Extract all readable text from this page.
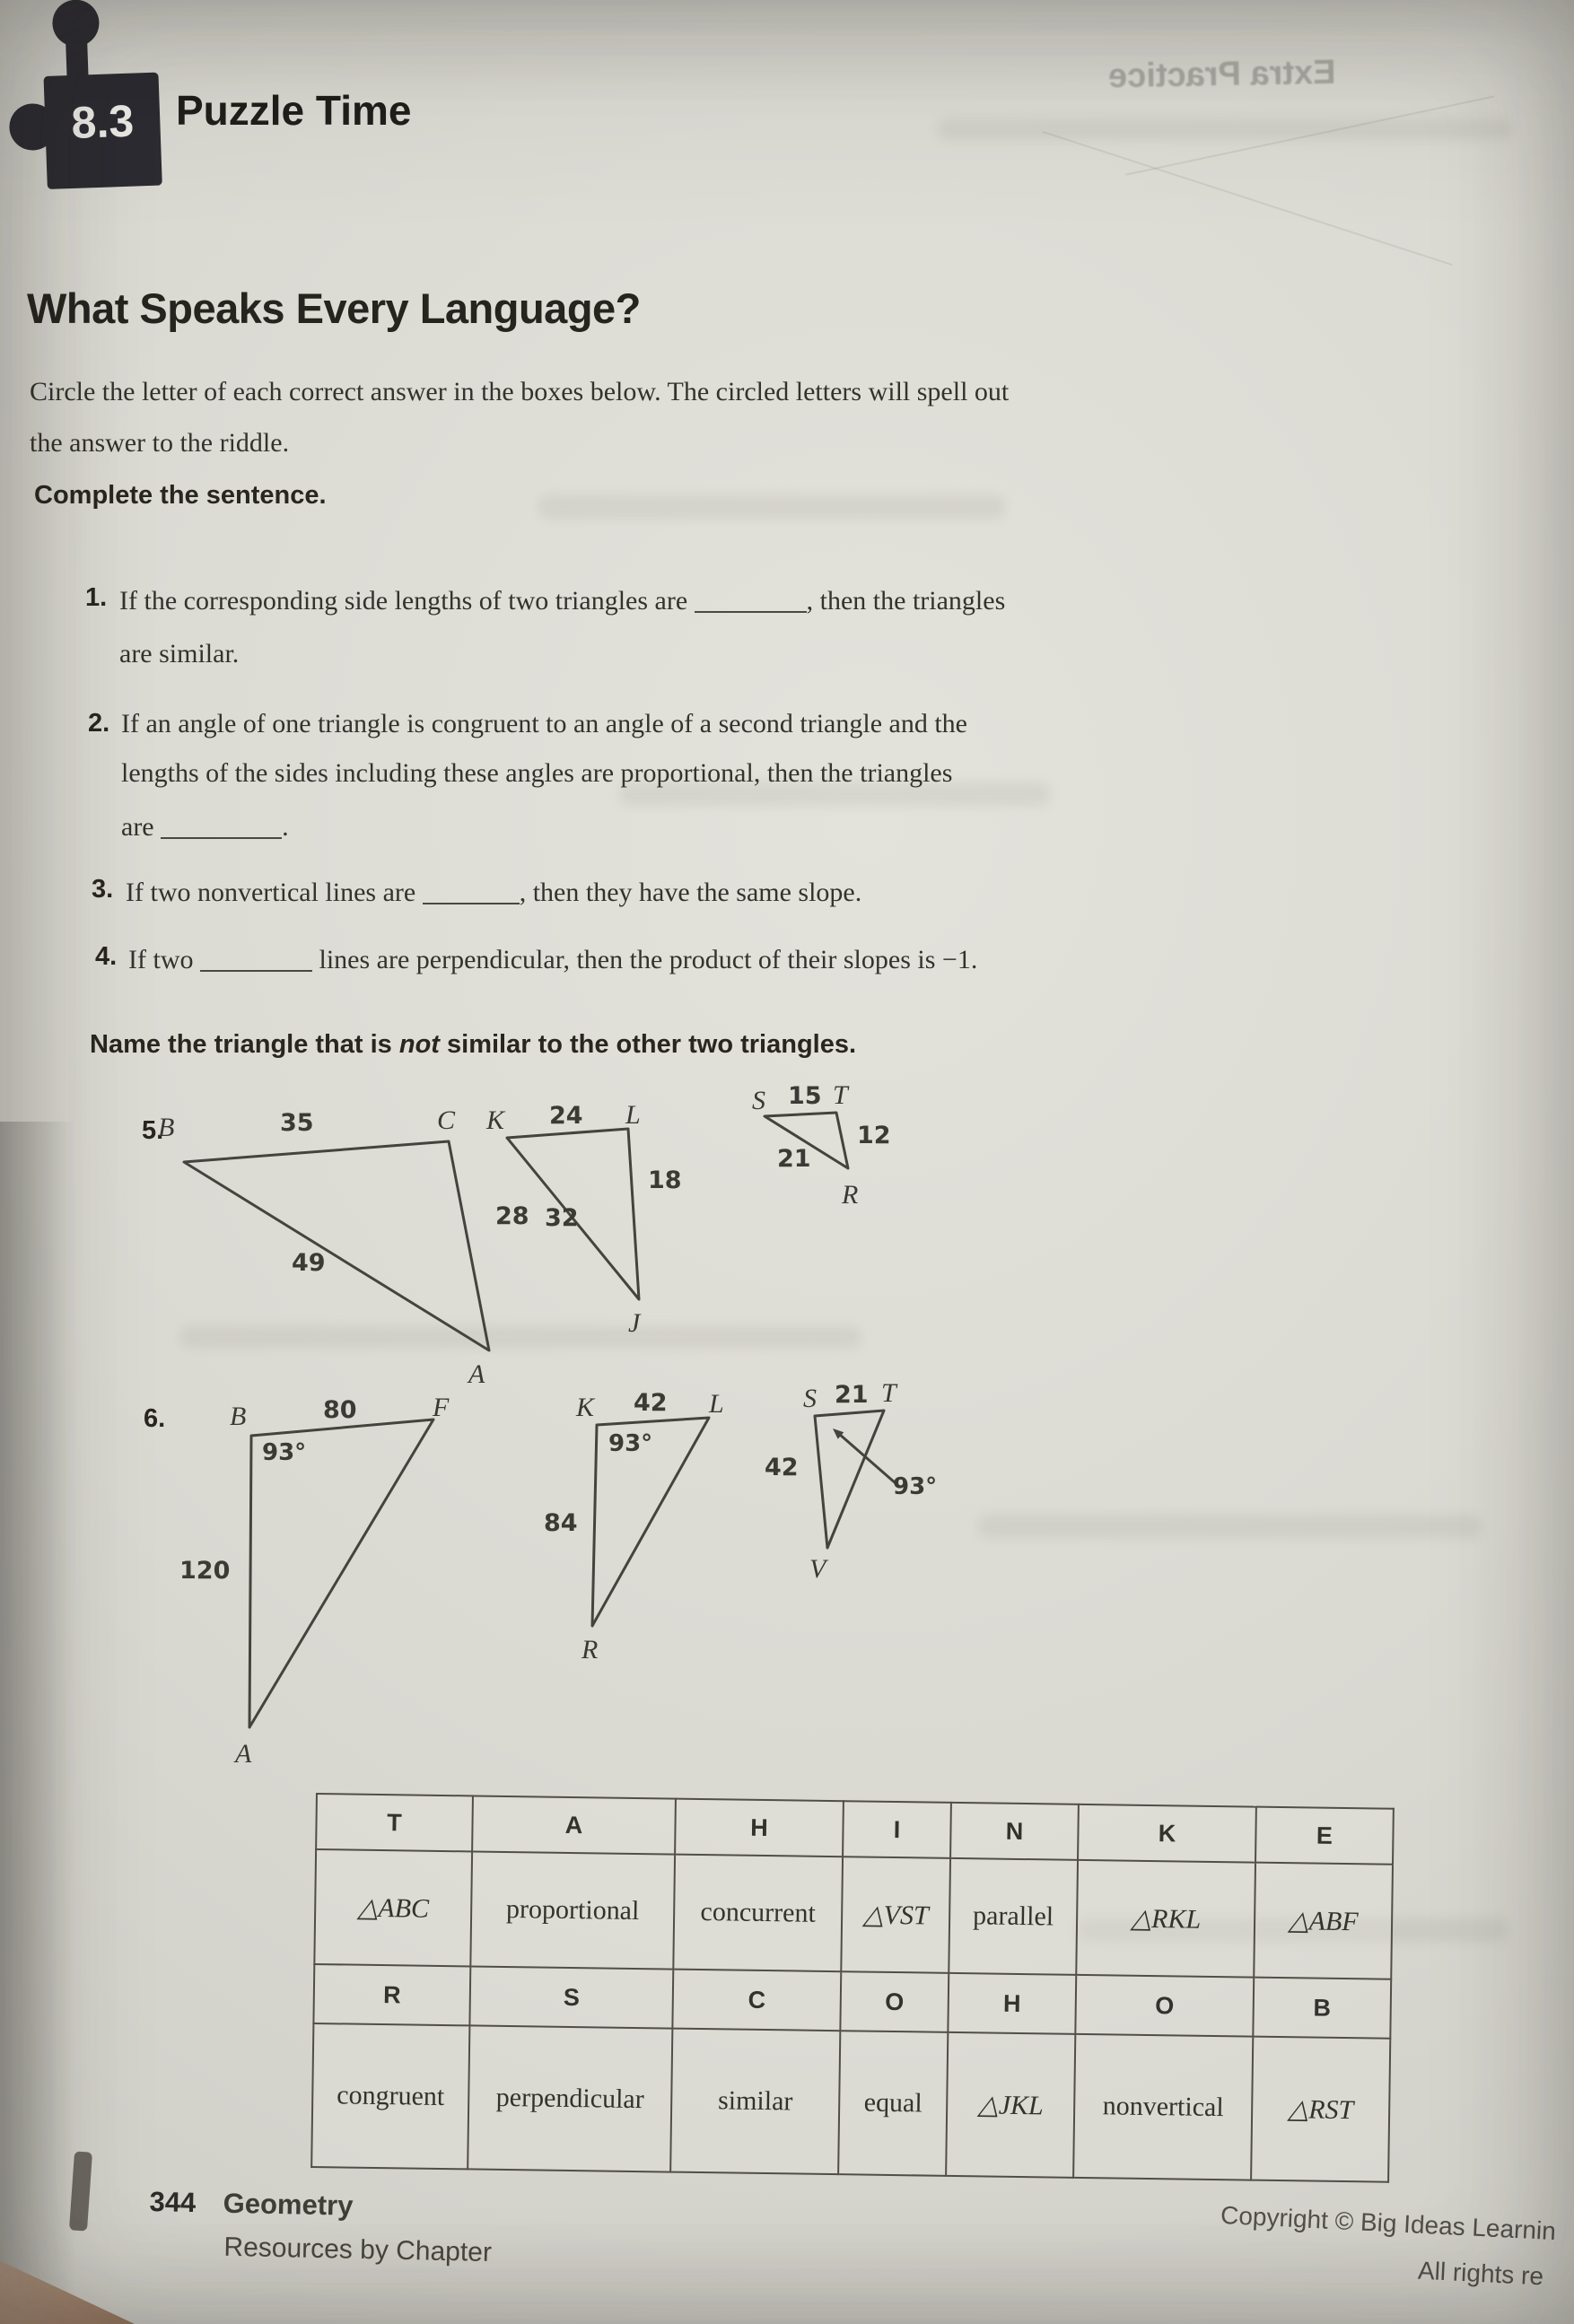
Extra Practice
8.3 Puzzle Time
What Speaks Every Language?
Circle the letter of each correct answer in the boxes below. The circled letters will spell out
the answer to the riddle.
Complete the sentence.
1. If the corresponding side lengths of two triangles are	, then the triangles
are similar.
2. If an angle of one triangle is congruent to an angle of a second triangle and the
lengths of the sides including these angles are proportional, then the triangles
are	.
3. If two nonvertical lines are	, then they have the same slope.
4. If two	lines are perpendicular, then the product of their slopes is −1.
Name the triangle that is not similar to the other two triangles.
5.
B	35	C
28
49
A
K 24 L
18
32
J
S 15 T
12
21
R
6. B	80	F
93°
120
A
K 42 L
93°
84
R
S 21 T
42
93°
V
T	A	H	I	N	K	E
△ABC	proportional	concurrent	△VST	parallel	△RKL	△ABF
R	S	C	O	H	O	B
congruent	perpendicular	similar	equal	△JKL	nonvertical	△RST
344 Geometry
Resources by Chapter
Copyright © Big Ideas Learnin
All rights re
